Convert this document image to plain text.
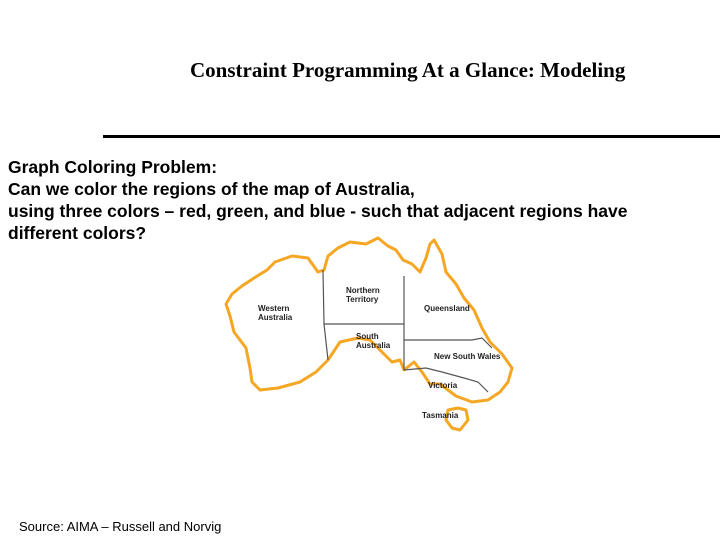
Constraint Programming At a Glance: Modeling
Graph Coloring Problem:
Can we color the regions of the map of Australia,
using three colors – red, green, and blue - such that adjacent regions have
different colors?
Western Australia
Northern Territory
Queensland
South Australia
New South Wales
Victoria
Tasmania
Source: AIMA – Russell and Norvig
